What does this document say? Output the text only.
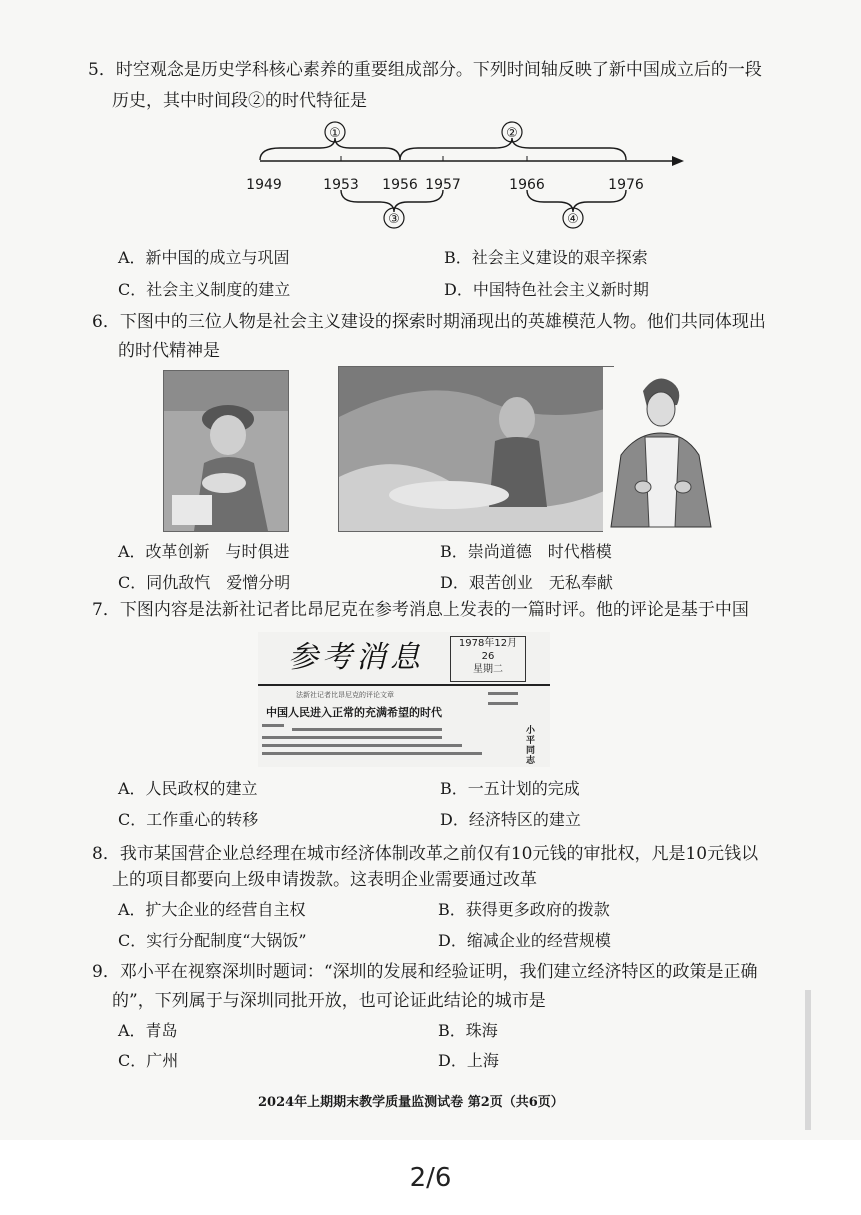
5．时空观念是历史学科核心素养的重要组成部分。下列时间轴反映了新中国成立后的一段
历史，其中时间段②的时代特征是
①	②
③	④
1949	1953 1956 1957	1966	1976
A．新中国的成立与巩固	B．社会主义建设的艰辛探索
C．社会主义制度的建立	D．中国特色社会主义新时期
6．下图中的三位人物是社会主义建设的探索时期涌现出的英雄模范人物。他们共同体现出
的时代精神是
A．改革创新　与时俱进	B．崇尚道德　时代楷模
C．同仇敌忾　爱憎分明	D．艰苦创业　无私奉献
7．下图内容是法新社记者比昂尼克在参考消息上发表的一篇时评。他的评论是基于中国
参考消息	1978年12月
26
星期二
法新社记者比昂尼克的评论文章
中国人民进入正常的充满希望的时代
小平同志
A．人民政权的建立	B．一五计划的完成
C．工作重心的转移	D．经济特区的建立
8．我市某国营企业总经理在城市经济体制改革之前仅有10元钱的审批权，凡是10元钱以
上的项目都要向上级申请拨款。这表明企业需要通过改革
A．扩大企业的经营自主权	B．获得更多政府的拨款
C．实行分配制度“大锅饭”	D．缩减企业的经营规模
9．邓小平在视察深圳时题词：“深圳的发展和经验证明，我们建立经济特区的政策是正确
的”，下列属于与深圳同批开放，也可论证此结论的城市是
A．青岛	B．珠海
C．广州	D．上海
2024年上期期末教学质量监测试卷 第2页（共6页）
2/6
